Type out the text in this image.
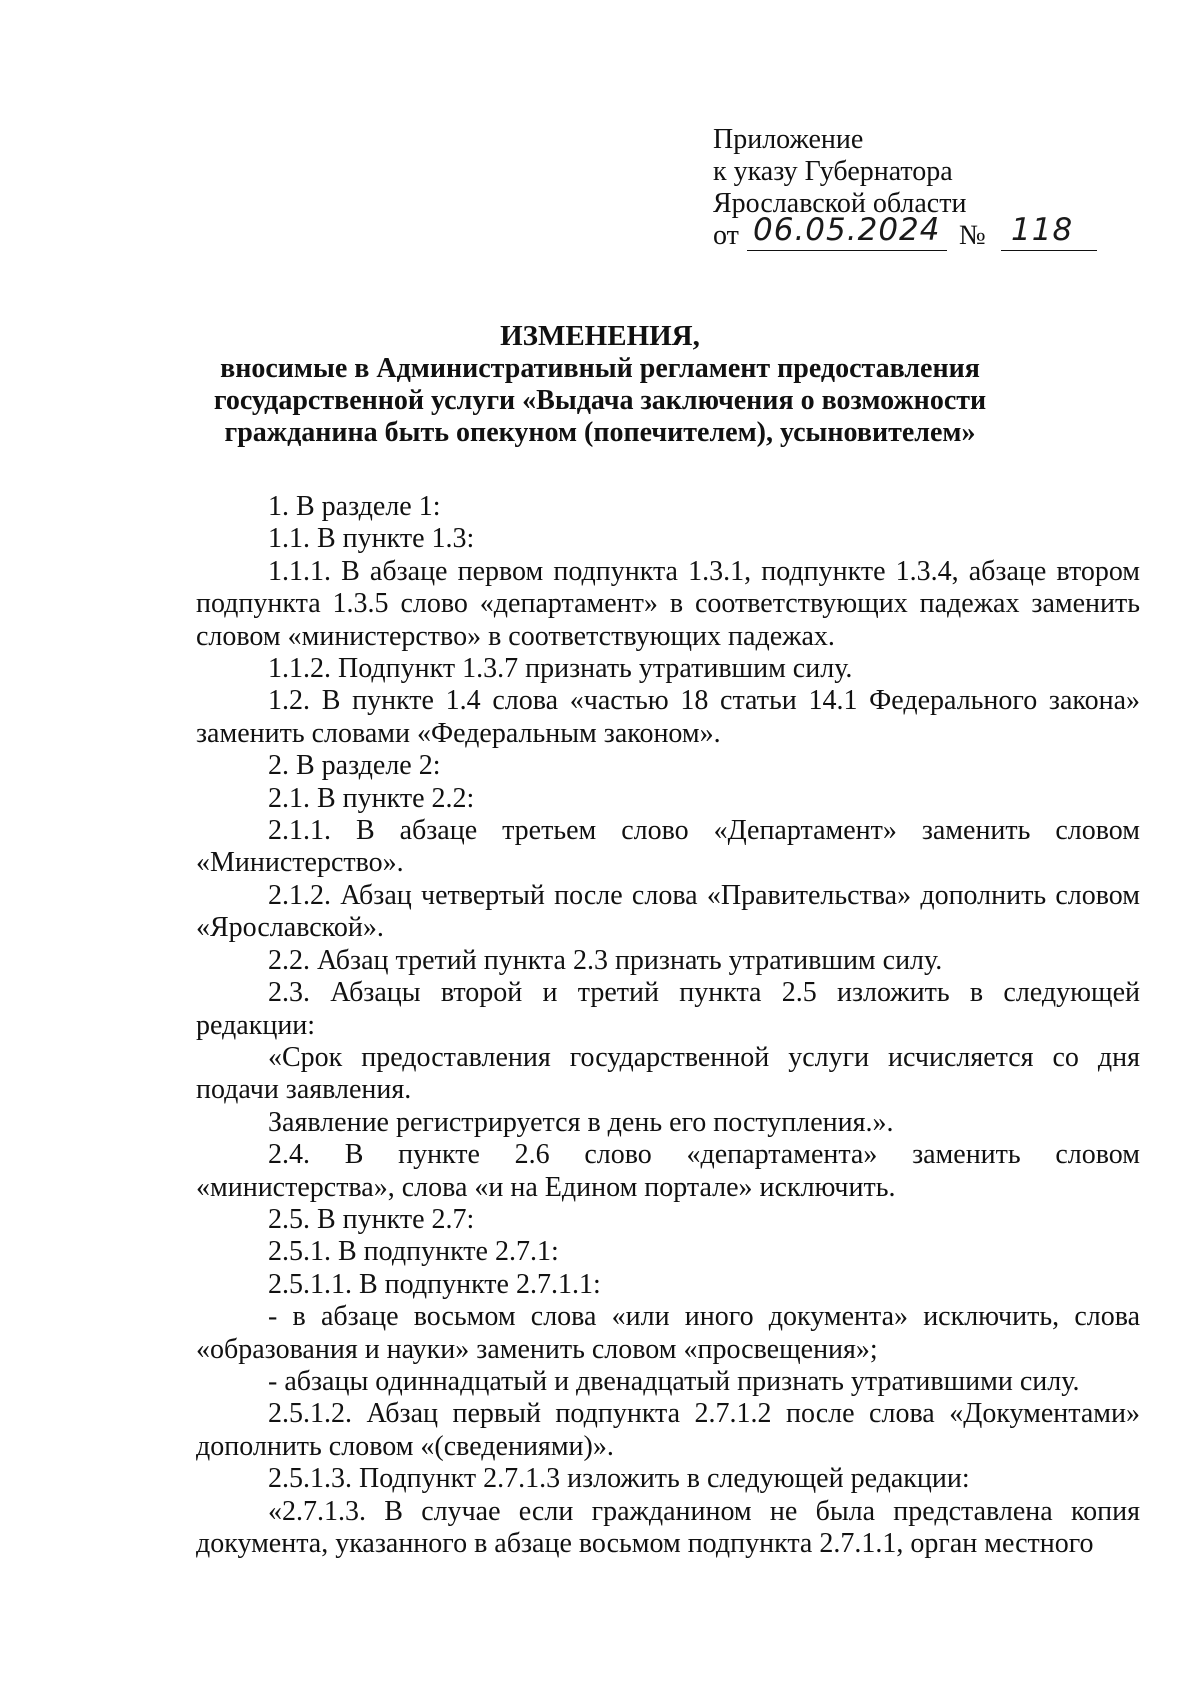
Приложение
к указу Губернатора
Ярославской области
от 06.05.2024 № 118
ИЗМЕНЕНИЯ,
вносимые в Административный регламент предоставления
государственной услуги «Выдача заключения о возможности
гражданина быть опекуном (попечителем), усыновителем»

1. В разделе 1:

1.1. В пункте 1.3:

1.1.1. В абзаце первом подпункта 1.3.1, подпункте 1.3.4, абзаце втором подпункта 1.3.5 слово «департамент» в соответствующих падежах заменить словом «министерство» в соответствующих падежах.

1.1.2. Подпункт 1.3.7 признать утратившим силу.

1.2. В пункте 1.4 слова «частью 18 статьи 14.1 Федерального закона» заменить словами «Федеральным законом».

2. В разделе 2:

2.1. В пункте 2.2:

2.1.1. В абзаце третьем слово «Департамент» заменить словом «Министерство».

2.1.2. Абзац четвертый после слова «Правительства» дополнить словом «Ярославской».

2.2. Абзац третий пункта 2.3 признать утратившим силу.

2.3. Абзацы второй и третий пункта 2.5 изложить в следующей редакции:

«Срок предоставления государственной услуги исчисляется со дня подачи заявления.

Заявление регистрируется в день его поступления.».

2.4. В пункте 2.6 слово «департамента» заменить словом «министерства», слова «и на Едином портале» исключить.

2.5. В пункте 2.7:

2.5.1. В подпункте 2.7.1:

2.5.1.1. В подпункте 2.7.1.1:

- в абзаце восьмом слова «или иного документа» исключить, слова «образования и науки» заменить словом «просвещения»;

- абзацы одиннадцатый и двенадцатый признать утратившими силу.

2.5.1.2. Абзац первый подпункта 2.7.1.2 после слова «Документами» дополнить словом «(сведениями)».

2.5.1.3. Подпункт 2.7.1.3 изложить в следующей редакции:

«2.7.1.3. В случае если гражданином не была представлена копия документа, указанного в абзаце восьмом подпункта 2.7.1.1, орган местного
